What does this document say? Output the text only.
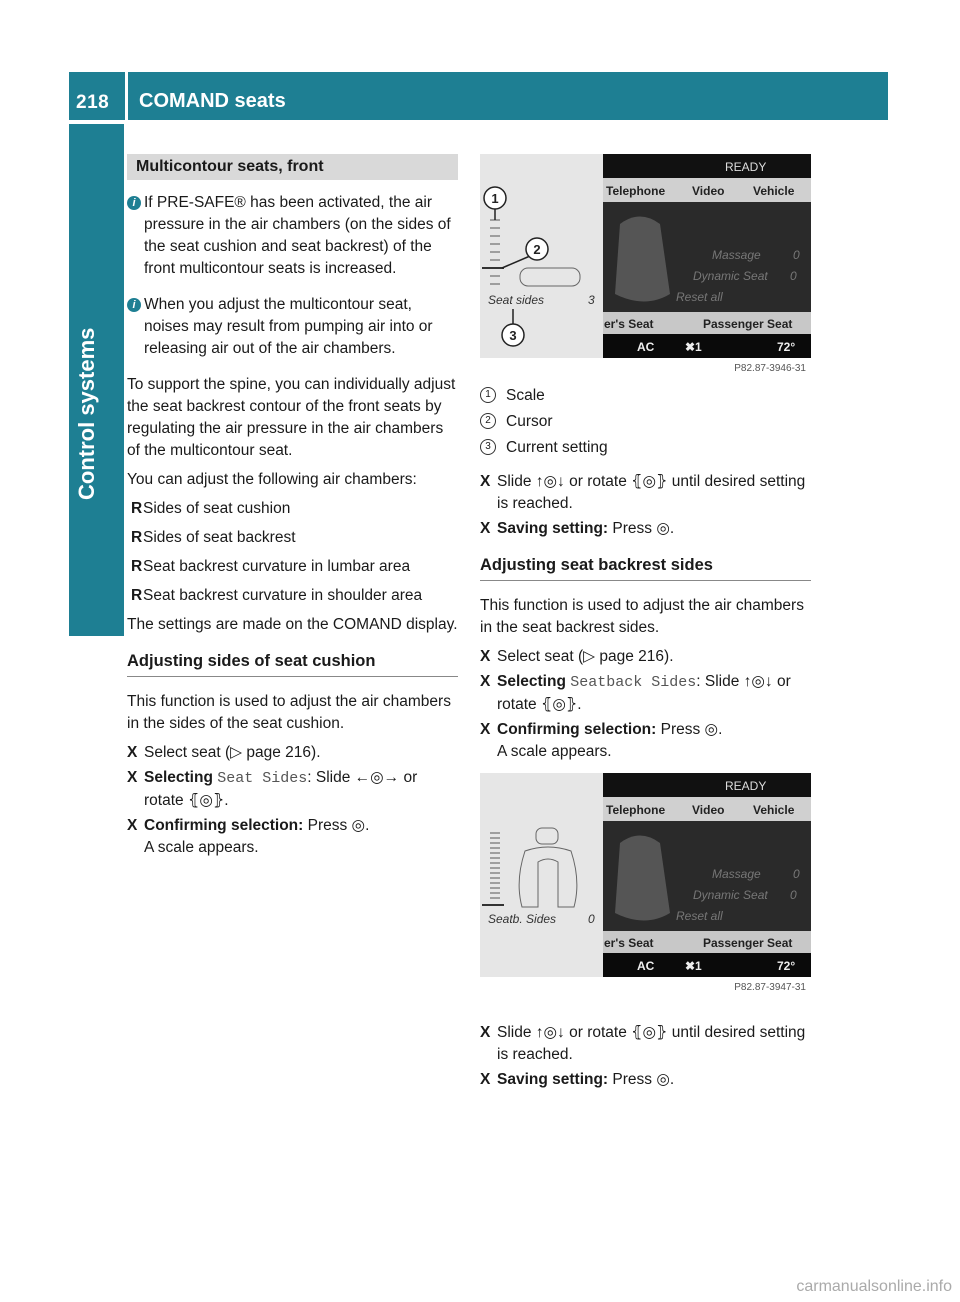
218 COMAND seats
Control systems
Multicontour seats, front
i If PRE-SAFE® has been activated, the air pressure in the air chambers (on the sides of the seat cushion and seat backrest) of the front multicontour seats is increased.
i When you adjust the multicontour seat, noises may result from pumping air into or releasing air out of the air chambers.

To support the spine, you can individually adjust the seat backrest contour of the front seats by regulating the air pressure in the air chambers of the multicontour seat.

You can adjust the following air chambers:

R Sides of seat cushion
R Sides of seat backrest
R Seat backrest curvature in lumbar area
R Seat backrest curvature in shoulder area

The settings are made on the COMAND display.

Adjusting sides of seat cushion

This function is used to adjust the air chambers in the sides of the seat cushion.

X Select seat (▷ page 216).
X Selecting Seat Sides: Slide ←◎→ or rotate ⦃◎⦄.
X Confirming selection: Press ◎.
A scale appears.
READY
Telephone Video Vehicle
Massage	0
Dynamic Seat 0
Reset all
er's Seat	Passenger Seat
AC	✖1	72°
Seat sides	3
1
2
3
P82.87-3946-31
1 Scale
2 Cursor
3 Current setting
X Slide ↑◎↓ or rotate ⦃◎⦄ until desired setting is reached.
X Saving setting: Press ◎.
Adjusting seat backrest sides

This function is used to adjust the air chambers in the seat backrest sides.

X Select seat (▷ page 216).
X Selecting Seatback Sides: Slide ↑◎↓ or rotate ⦃◎⦄.
X Confirming selection: Press ◎.
A scale appears.
READY
Telephone Video Vehicle
Massage	0
Dynamic Seat 0
Reset all
er's Seat	Passenger Seat
AC	✖1	72°
Seatb. Sides	0
P82.87-3947-31
X Slide ↑◎↓ or rotate ⦃◎⦄ until desired setting is reached.
X Saving setting: Press ◎.
carmanualsonline.info
